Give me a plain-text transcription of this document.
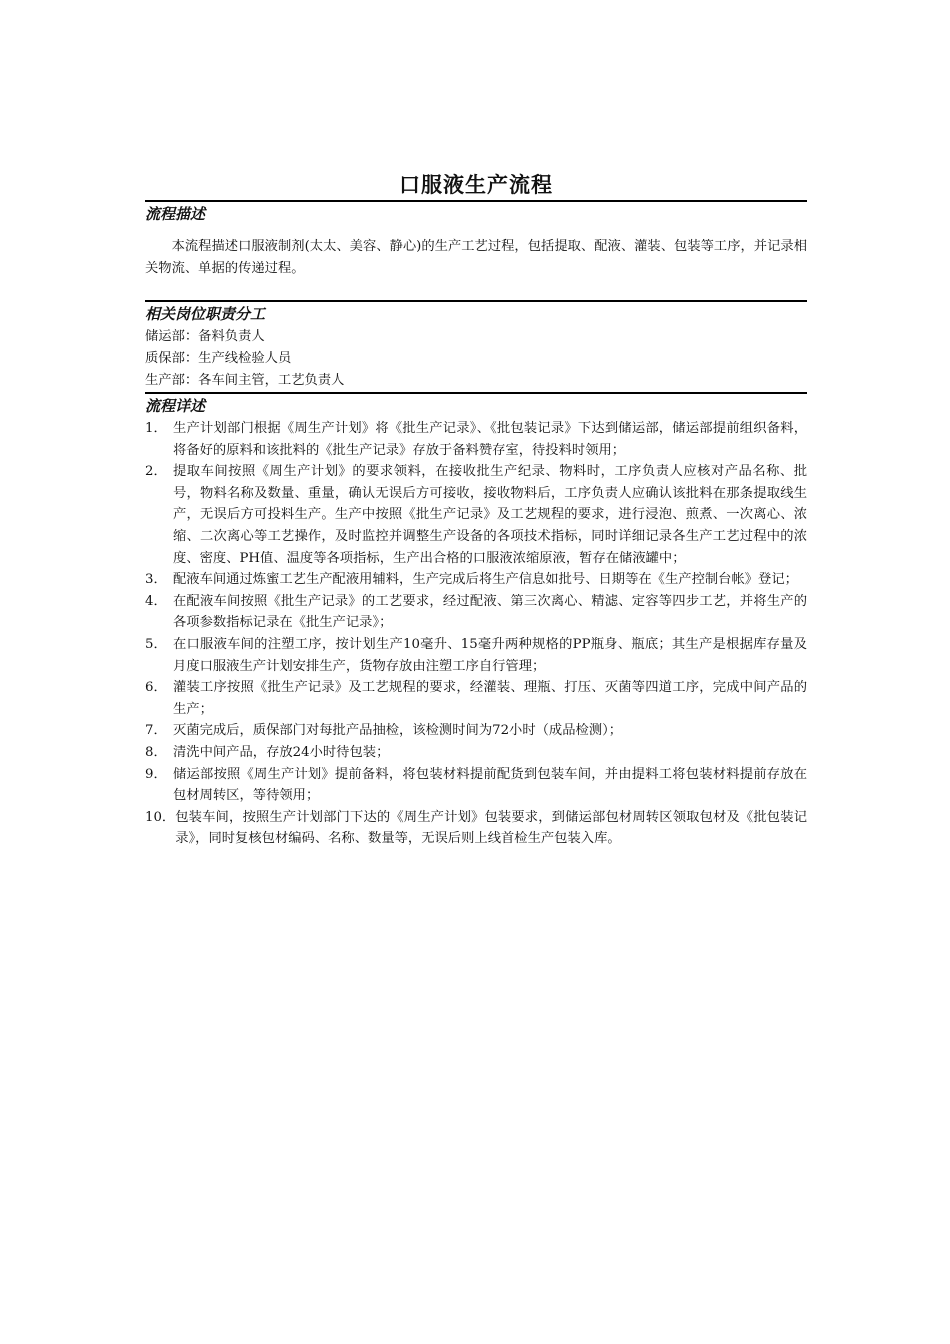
口服液生产流程
流程描述
本流程描述口服液制剂(太太、美容、静心)的生产工艺过程，包括提取、配液、灌装、包装等工序，并记录相关物流、单据的传递过程。
相关岗位职责分工
储运部：备料负责人
质保部：生产线检验人员
生产部：各车间主管，工艺负责人
流程详述
1． 生产计划部门根据《周生产计划》将《批生产记录》、《批包装记录》下达到储运部，储运部提前组织备料，将备好的原料和该批料的《批生产记录》存放于备料赞存室，待投料时领用；
2． 提取车间按照《周生产计划》的要求领料，在接收批生产纪录、物料时，工序负责人应核对产品名称、批号，物料名称及数量、重量，确认无误后方可接收，接收物料后，工序负责人应确认该批料在那条提取线生产，无误后方可投料生产。生产中按照《批生产记录》及工艺规程的要求，进行浸泡、煎煮、一次离心、浓缩、二次离心等工艺操作，及时监控并调整生产设备的各项技术指标，同时详细记录各生产工艺过程中的浓度、密度、PH值、温度等各项指标，生产出合格的口服液浓缩原液，暂存在储液罐中；
3． 配液车间通过炼蜜工艺生产配液用辅料，生产完成后将生产信息如批号、日期等在《生产控制台帐》登记；
4． 在配液车间按照《批生产记录》的工艺要求，经过配液、第三次离心、精滤、定容等四步工艺，并将生产的各项参数指标记录在《批生产记录》；
5． 在口服液车间的注塑工序，按计划生产10毫升、15毫升两种规格的PP瓶身、瓶底；其生产是根据库存量及月度口服液生产计划安排生产，货物存放由注塑工序自行管理；
6． 灌装工序按照《批生产记录》及工艺规程的要求，经灌装、理瓶、打压、灭菌等四道工序，完成中间产品的生产；
7． 灭菌完成后，质保部门对每批产品抽检，该检测时间为72小时（成品检测）；
8． 清洗中间产品，存放24小时待包装；
9． 储运部按照《周生产计划》提前备料，将包装材料提前配货到包装车间，并由提料工将包装材料提前存放在包材周转区，等待领用；
10． 包装车间，按照生产计划部门下达的《周生产计划》包装要求，到储运部包材周转区领取包材及《批包装记录》，同时复核包材编码、名称、数量等，无误后则上线首检生产包装入库。
